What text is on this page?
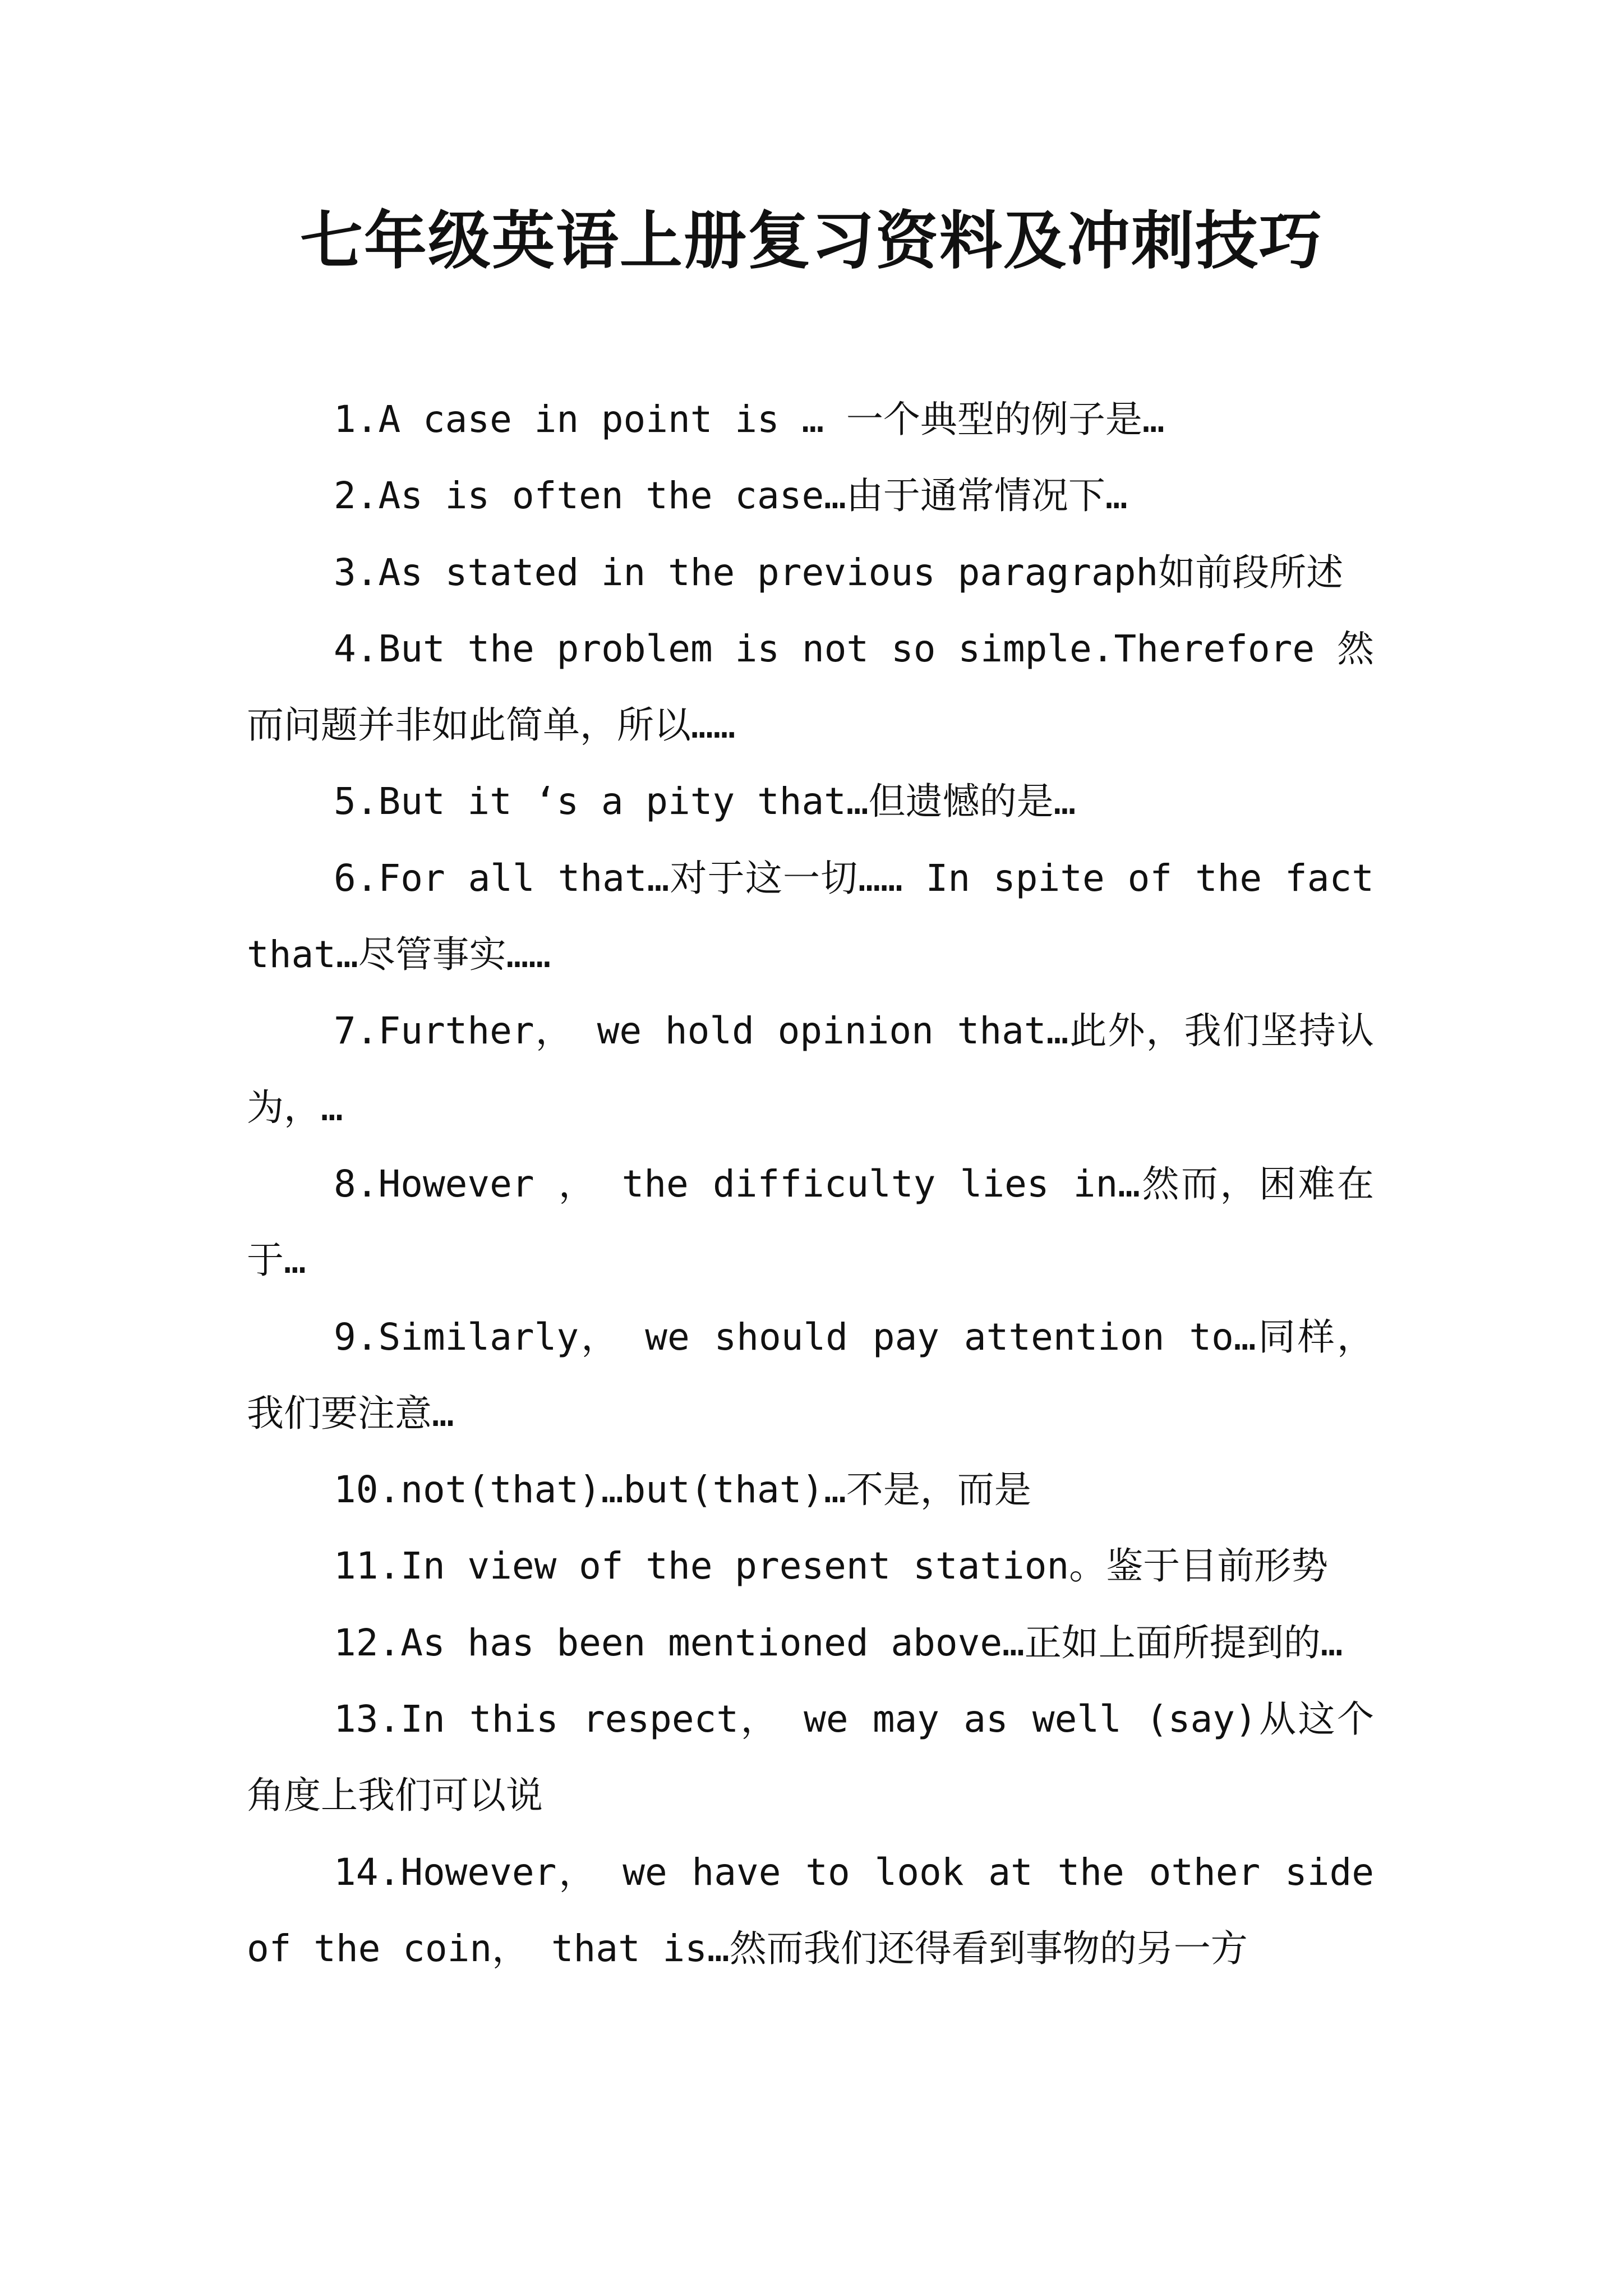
七年级英语上册复习资料及冲刺技巧

1.A case in point is … 一个典型的例子是…

2.As is often the case…由于通常情况下…

3.As stated in the previous paragraph如前段所述

4.But the problem is not so simple.Therefore 然而问题并非如此简单，所以……

5.But it ‘s a pity that…但遗憾的是…

6.For all that…对于这一切…… In spite of the fact that…尽管事实……

7.Further， we hold opinion that…此外，我们坚持认为，…

8.However ， the difficulty lies in…然而，困难在于…

9.Similarly， we should pay attention to…同样，我们要注意…

10.not(that)…but(that)…不是，而是

11.In view of the present station。鉴于目前形势

12.As has been mentioned above…正如上面所提到的…

13.In this respect， we may as well (say)从这个角度上我们可以说

14.However， we have to look at the other side of the coin， that is…然而我们还得看到事物的另一方
